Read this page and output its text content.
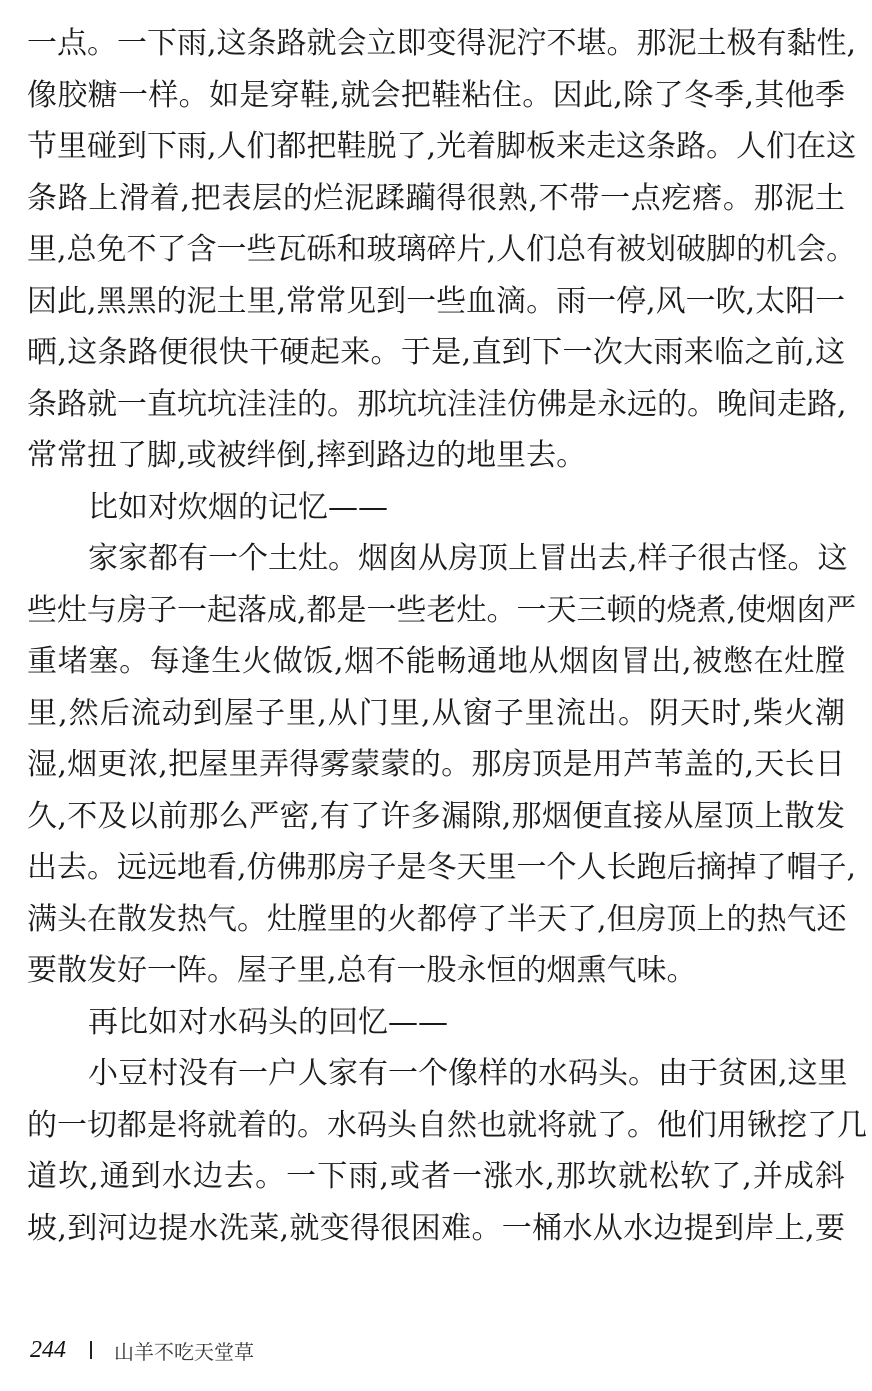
一点。一下雨,这条路就会立即变得泥泞不堪。那泥土极有黏性,
像胶糖一样。如是穿鞋,就会把鞋粘住。因此,除了冬季,其他季
节里碰到下雨,人们都把鞋脱了,光着脚板来走这条路。人们在这
条路上滑着,把表层的烂泥蹂躏得很熟,不带一点疙瘩。那泥土
里,总免不了含一些瓦砾和玻璃碎片,人们总有被划破脚的机会。
因此,黑黑的泥土里,常常见到一些血滴。雨一停,风一吹,太阳一
晒,这条路便很快干硬起来。于是,直到下一次大雨来临之前,这
条路就一直坑坑洼洼的。那坑坑洼洼仿佛是永远的。晚间走路,
常常扭了脚,或被绊倒,摔到路边的地里去。
比如对炊烟的记忆——
家家都有一个土灶。烟囱从房顶上冒出去,样子很古怪。这
些灶与房子一起落成,都是一些老灶。一天三顿的烧煮,使烟囱严
重堵塞。每逢生火做饭,烟不能畅通地从烟囱冒出,被憋在灶膛
里,然后流动到屋子里,从门里,从窗子里流出。阴天时,柴火潮
湿,烟更浓,把屋里弄得雾蒙蒙的。那房顶是用芦苇盖的,天长日
久,不及以前那么严密,有了许多漏隙,那烟便直接从屋顶上散发
出去。远远地看,仿佛那房子是冬天里一个人长跑后摘掉了帽子,
满头在散发热气。灶膛里的火都停了半天了,但房顶上的热气还
要散发好一阵。屋子里,总有一股永恒的烟熏气味。
再比如对水码头的回忆——
小豆村没有一户人家有一个像样的水码头。由于贫困,这里
的一切都是将就着的。水码头自然也就将就了。他们用锹挖了几
道坎,通到水边去。一下雨,或者一涨水,那坎就松软了,并成斜
坡,到河边提水洗菜,就变得很困难。一桶水从水边提到岸上,要
244 山羊不吃天堂草
